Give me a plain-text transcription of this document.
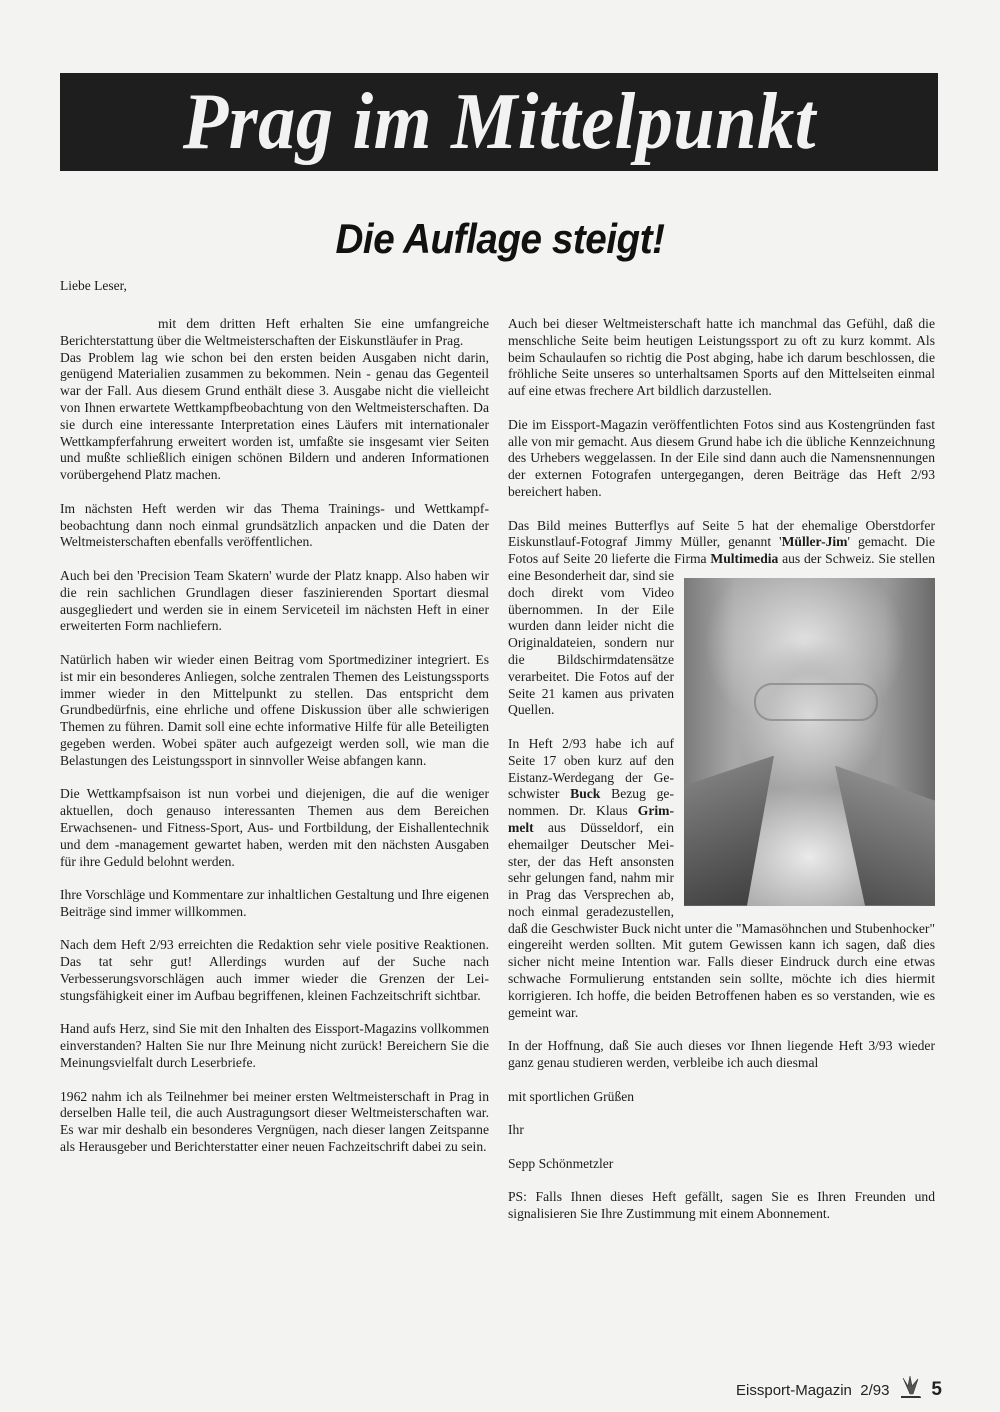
Prag im Mittelpunkt
Die Auflage steigt!
Liebe Leser,

mit dem dritten Heft erhalten Sie eine umfangreiche Berichterstattung über die Weltmeisterschaften der Eiskunstläufer in Prag.

Das Problem lag wie schon bei den ersten beiden Ausgaben nicht darin, genügend Materialien zusammen zu bekommen. Nein - genau das Gegenteil war der Fall. Aus diesem Grund enthält diese 3. Ausgabe nicht die vielleicht von Ihnen erwartete Wettkampfbeobachtung von den Weltmeisterschaften. Da sie durch eine interessante Interpretation eines Läufers mit internationaler Wettkampferfahrung erweitert worden ist, umfaßte sie insgesamt vier Seiten und mußte schließlich einigen schönen Bildern und anderen Informationen vorübergehend Platz machen.

Im nächsten Heft werden wir das Thema Trainings- und Wettkampfbeobachtung dann noch einmal grundsätzlich anpacken und die Daten der Weltmeisterschaften ebenfalls veröffentlichen.

Auch bei den 'Precision Team Skatern' wurde der Platz knapp. Also haben wir die rein sachlichen Grundlagen dieser faszinierenden Sportart diesmal ausgegliedert und werden sie in einem Serviceteil im nächsten Heft in einer erweiterten Form nachliefern.

Natürlich haben wir wieder einen Beitrag vom Sportmediziner integriert. Es ist mir ein besonderes Anliegen, solche zentralen Themen des Leistungssports immer wieder in den Mittelpunkt zu stellen. Das entspricht dem Grundbedürfnis, eine ehrliche und offene Diskussion über alle schwierigen Themen zu führen. Damit soll eine echte informative Hilfe für alle Beteiligten gegeben werden. Wobei später auch aufgezeigt werden soll, wie man die Belastungen des Leistungssport in sinnvoller Weise abfangen kann.

Die Wettkampfsaison ist nun vorbei und diejenigen, die auf die weniger aktuellen, doch genauso interessanten Themen aus dem Bereichen Erwachsenen- und Fitness-Sport, Aus- und Fortbildung, der Eishallentechnik und dem -management gewartet haben, werden mit den nächsten Ausgaben für ihre Geduld belohnt werden.

Ihre Vorschläge und Kommentare zur inhaltlichen Gestaltung und Ihre eigenen Beiträge sind immer willkommen.

Nach dem Heft 2/93 erreichten die Redaktion sehr viele positive Reaktionen. Das tat sehr gut! Allerdings wurden auf der Suche nach Verbesserungsvorschlägen auch immer wieder die Grenzen der Leistungsfähigkeit einer im Aufbau begriffenen, kleinen Fachzeitschrift sichtbar.

Hand aufs Herz, sind Sie mit den Inhalten des Eissport-Magazins vollkommen einverstanden? Halten Sie nur Ihre Meinung nicht zurück! Bereichern Sie die Meinungsvielfalt durch Leserbriefe.

1962 nahm ich als Teilnehmer bei meiner ersten Weltmeisterschaft in Prag in derselben Halle teil, die auch Austragungsort dieser Weltmeisterschaften war. Es war mir deshalb ein besonderes Vergnügen, nach dieser langen Zeitspanne als Herausgeber und Berichterstatter einer neuen Fachzeitschrift dabei zu sein.

Auch bei dieser Weltmeisterschaft hatte ich manchmal das Gefühl, daß die menschliche Seite beim heutigen Leistungssport zu oft zu kurz kommt. Als beim Schaulaufen so richtig die Post abging, habe ich darum beschlossen, die fröhliche Seite unseres so unterhaltsamen Sports auf den Mittelseiten einmal auf eine etwas frechere Art bildlich darzustellen.

Die im Eissport-Magazin veröffentlichten Fotos sind aus Kostengründen fast alle von mir gemacht. Aus diesem Grund habe ich die übliche Kennzeichnung des Urhebers weggelassen. In der Eile sind dann auch die Namensnennungen der externen Fotografen untergegangen, deren Beiträge das Heft 2/93 bereichert haben.

Das Bild meines Butterflys auf Seite 5 hat der ehemalige Oberstdorfer Eiskunstlauf-Fotograf Jimmy Müller, genannt 'Müller-Jim' gemacht. Die Fotos auf Seite 20 lieferte die Firma Multimedia aus der Schweiz. Sie stellen eine Besonderheit dar, sind sie doch direkt vom Video übernommen. In der Eile wurden dann leider nicht die Originaldateien, sondern nur die Bildschirmdatensätze verarbeitet. Die Fotos auf der Seite 21 kamen aus privaten Quellen.

In Heft 2/93 habe ich auf Seite 17 oben kurz auf den Eistanz-Werdegang der Geschwister Buck Bezug genommen. Dr. Klaus Grimmelt aus Düsseldorf, ein ehemailger Deutscher Meister, der das Heft ansonsten sehr gelungen fand, nahm mir in Prag das Versprechen ab, noch einmal geradezustellen, daß die Geschwister Buck nicht unter die "Mamasöhnchen und Stubenhocker" eingereiht werden sollten. Mit gutem Gewissen kann ich sagen, daß dies sicher nicht meine Intention war. Falls dieser Eindruck durch eine etwas schwache Formulierung entstanden sein sollte, möchte ich dies hiermit korrigieren. Ich hoffe, die beiden Betroffenen haben es so verstanden, wie es gemeint war.

In der Hoffnung, daß Sie auch dieses vor Ihnen liegende Heft 3/93 wieder ganz genau studieren werden, verbleibe ich auch diesmal

mit sportlichen Grüßen

Ihr

Sepp Schönmetzler

PS: Falls Ihnen dieses Heft gefällt, sagen Sie es Ihren Freunden und signalisieren Sie Ihre Zustimmung mit einem Abonnement.

Eissport-Magazin  2/93 5
